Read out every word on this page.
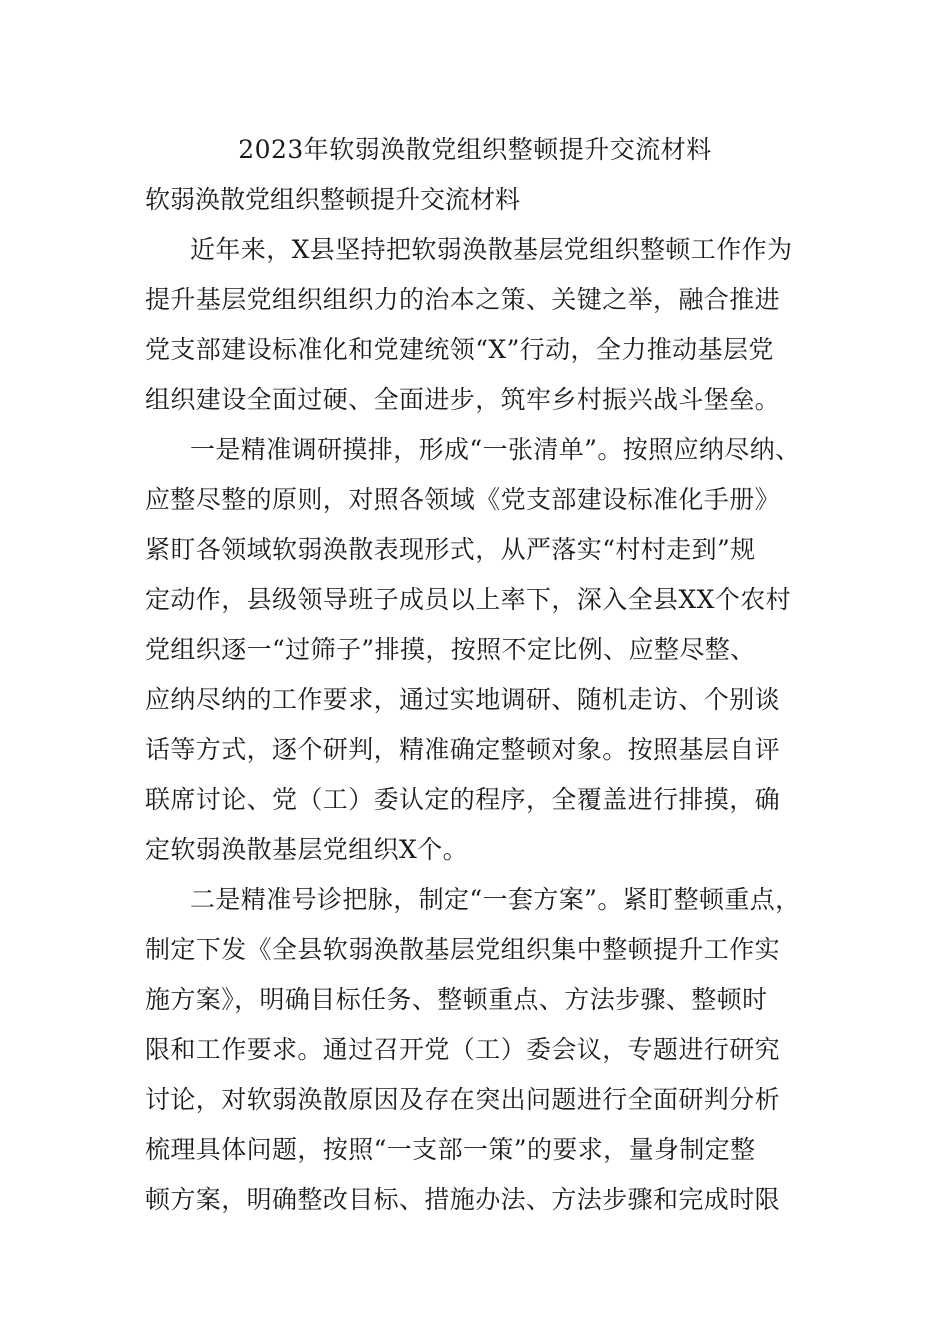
2023年软弱涣散党组织整顿提升交流材料
软弱涣散党组织整顿提升交流材料
近年来，X县坚持把软弱涣散基层党组织整顿工作作为
提升基层党组织组织力的治本之策、关键之举，融合推进
党支部建设标准化和党建统领“X”行动，全力推动基层党
组织建设全面过硬、全面进步，筑牢乡村振兴战斗堡垒。
一是精准调研摸排，形成“一张清单”。按照应纳尽纳、
应整尽整的原则，对照各领域《党支部建设标准化手册》
紧盯各领域软弱涣散表现形式，从严落实“村村走到”规
定动作，县级领导班子成员以上率下，深入全县XX个农村
党组织逐一“过筛子”排摸，按照不定比例、应整尽整、
应纳尽纳的工作要求，通过实地调研、随机走访、个别谈
话等方式，逐个研判，精准确定整顿对象。按照基层自评
联席讨论、党（工）委认定的程序，全覆盖进行排摸，确
定软弱涣散基层党组织X个。
二是精准号诊把脉，制定“一套方案”。紧盯整顿重点，
制定下发《全县软弱涣散基层党组织集中整顿提升工作实
施方案》，明确目标任务、整顿重点、方法步骤、整顿时
限和工作要求。通过召开党（工）委会议，专题进行研究
讨论，对软弱涣散原因及存在突出问题进行全面研判分析
梳理具体问题，按照“一支部一策”的要求，量身制定整
顿方案，明确整改目标、措施办法、方法步骤和完成时限
